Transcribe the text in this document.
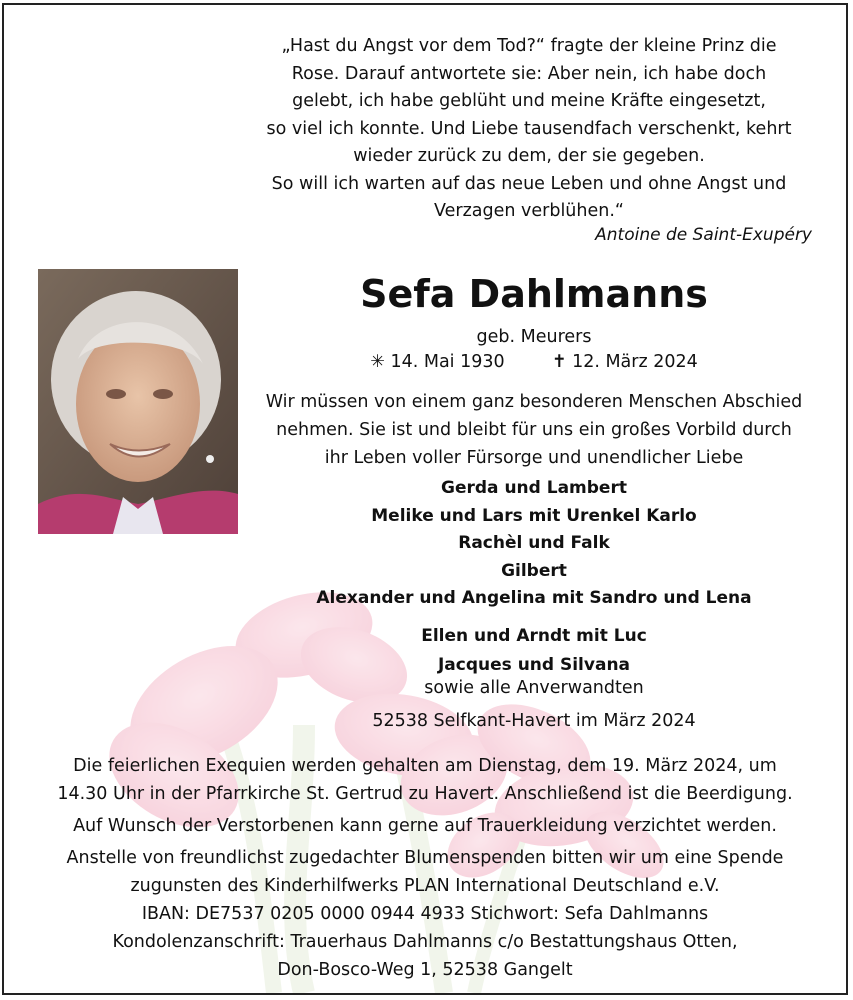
„Hast du Angst vor dem Tod?“ fragte der kleine Prinz die
Rose. Darauf antwortete sie: Aber nein, ich habe doch
gelebt, ich habe geblüht und meine Kräfte eingesetzt,
so viel ich konnte. Und Liebe tausendfach verschenkt, kehrt
wieder zurück zu dem, der sie gegeben.
So will ich warten auf das neue Leben und ohne Angst und
Verzagen verblühen.“
Antoine de Saint-Exupéry
Sefa Dahlmanns
geb. Meurers
✳ 14. Mai 1930	✝ 12. März 2024
Wir müssen von einem ganz besonderen Menschen Abschied
nehmen. Sie ist und bleibt für uns ein großes Vorbild durch
ihr Leben voller Fürsorge und unendlicher Liebe
Gerda und Lambert
Melike und Lars mit Urenkel Karlo
Rachèl und Falk
Gilbert
Alexander und Angelina mit Sandro und Lena
Ellen und Arndt mit Luc
Jacques und Silvana
sowie alle Anverwandten
52538 Selfkant-Havert im März 2024
Die feierlichen Exequien werden gehalten am Dienstag, dem 19. März 2024, um
14.30 Uhr in der Pfarrkirche St. Gertrud zu Havert. Anschließend ist die Beerdigung.
Auf Wunsch der Verstorbenen kann gerne auf Trauerkleidung verzichtet werden.
Anstelle von freundlichst zugedachter Blumenspenden bitten wir um eine Spende
zugunsten des Kinderhilfwerks PLAN International Deutschland e.V.
IBAN: DE7537 0205 0000 0944 4933 Stichwort: Sefa Dahlmanns
Kondolenzanschrift: Trauerhaus Dahlmanns c/o Bestattungshaus Otten,
Don-Bosco-Weg 1, 52538 Gangelt
